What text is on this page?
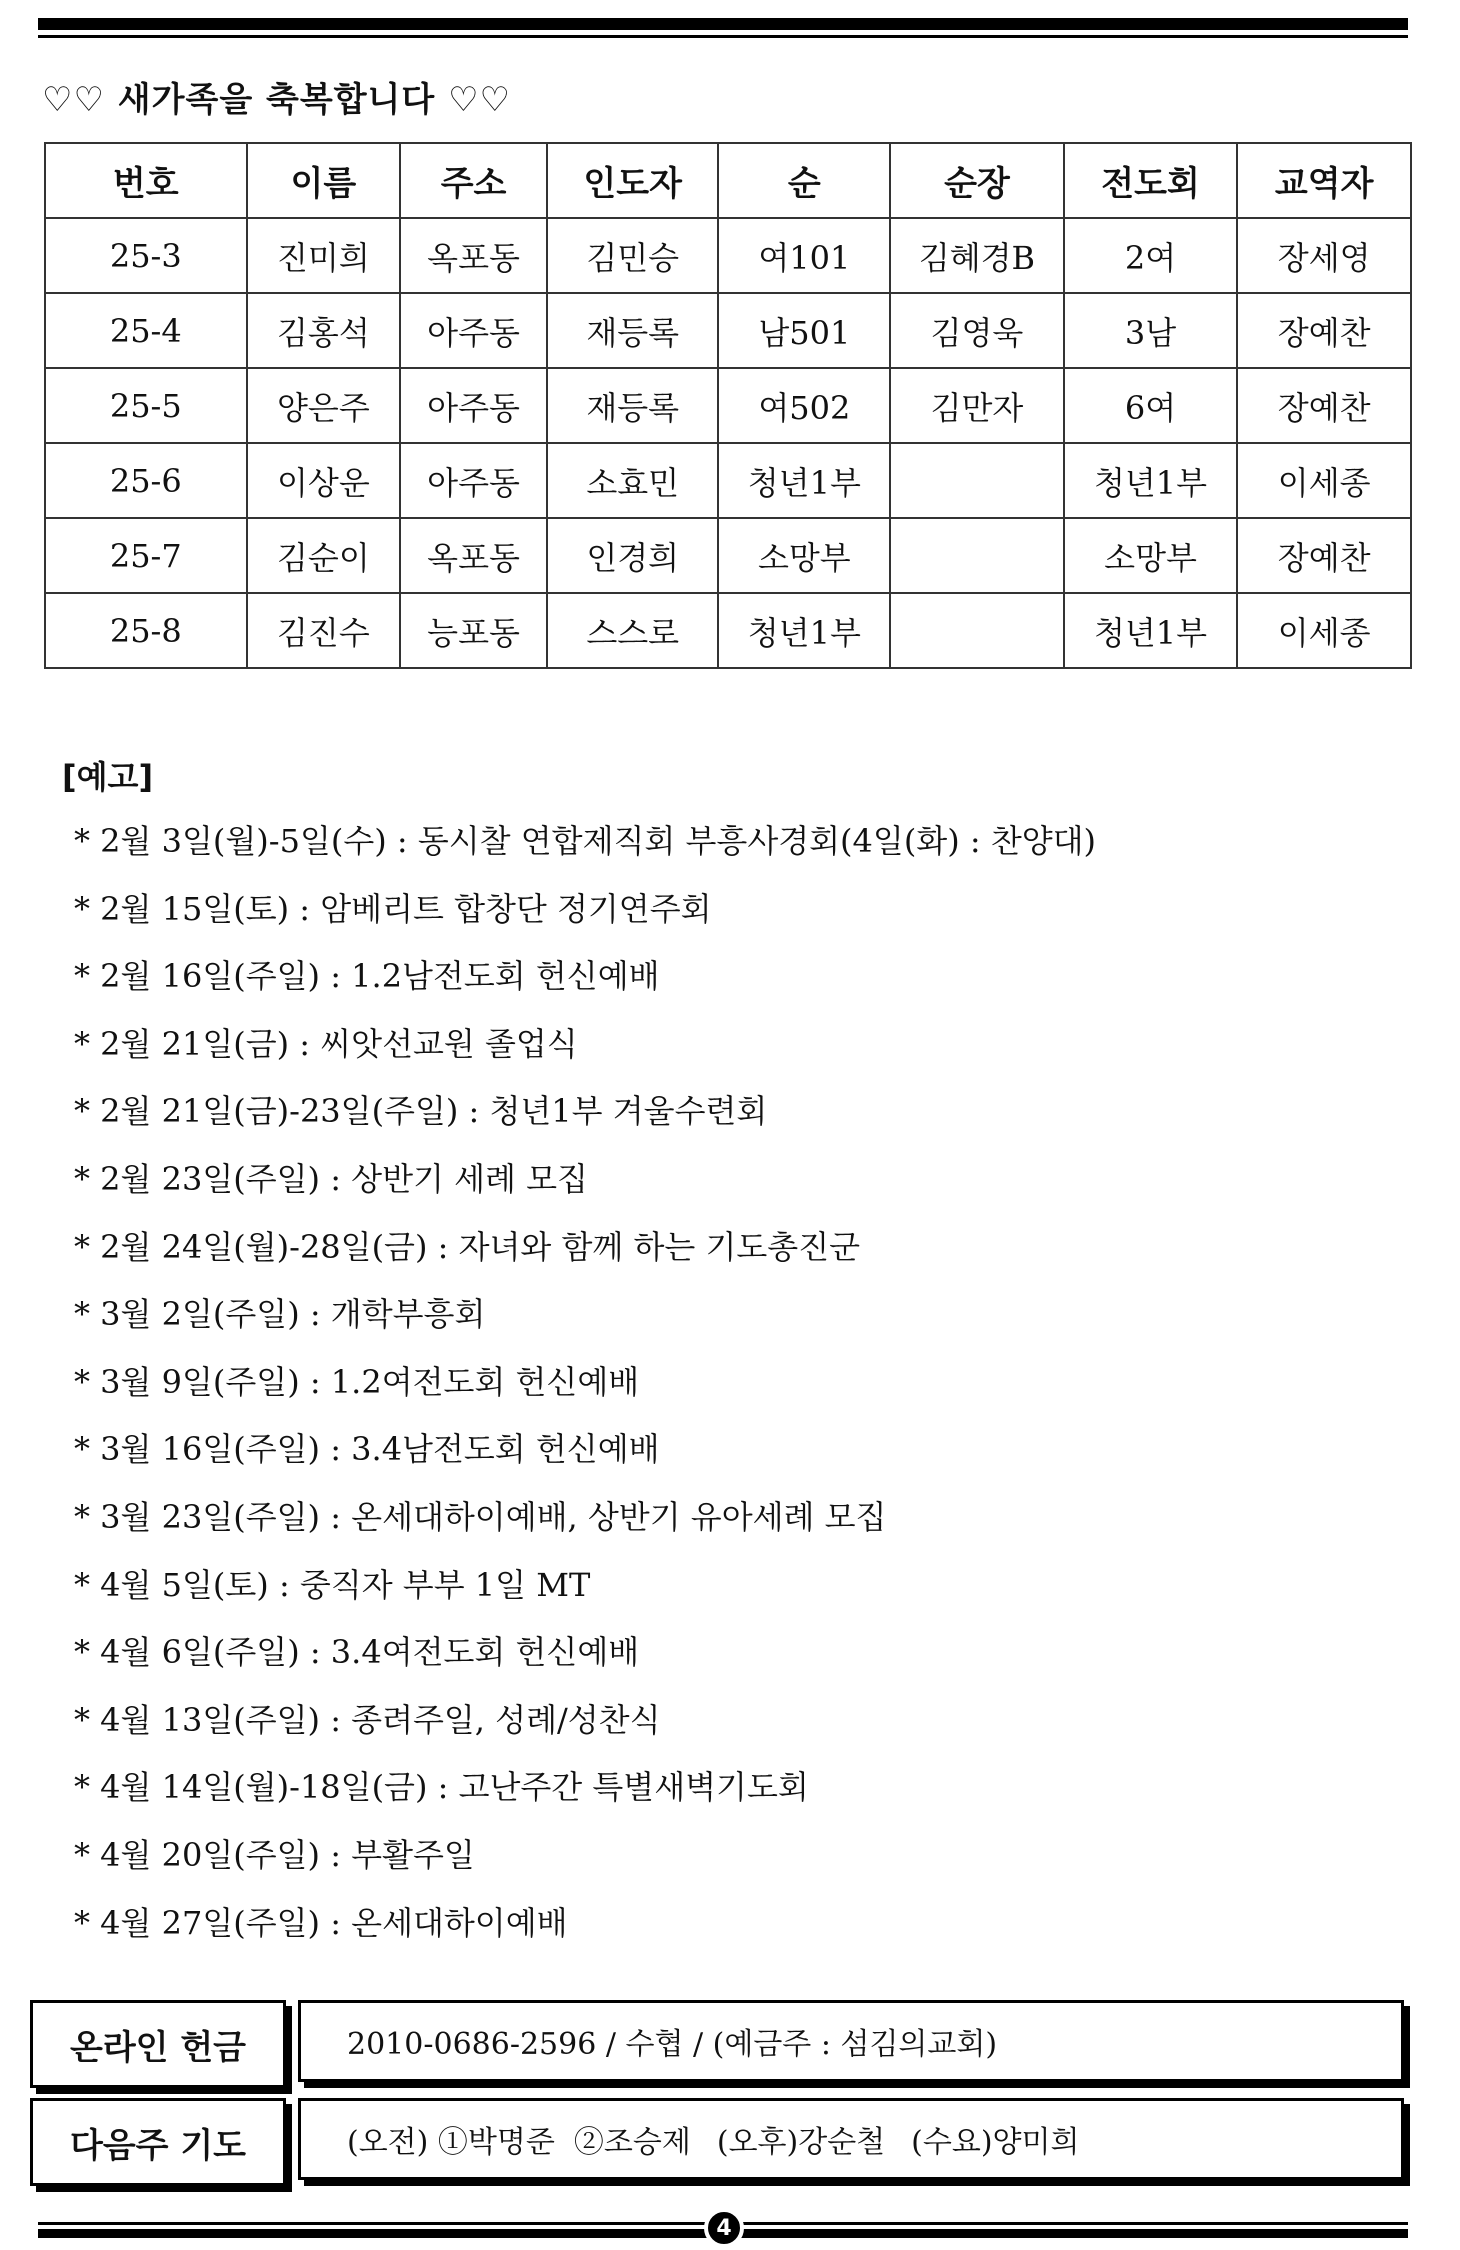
♡♡ 새가족을 축복합니다 ♡♡
번호	이름	주소	인도자	순	순장	전도회	교역자
25-3	진미희	옥포동	김민승	여101	김혜경B	2여	장세영
25-4	김홍석	아주동	재등록	남501	김영욱	3남	장예찬
25-5	양은주	아주동	재등록	여502	김만자	6여	장예찬
25-6	이상운	아주동	소효민	청년1부		청년1부	이세종
25-7	김순이	옥포동	인경희	소망부		소망부	장예찬
25-8	김진수	능포동	스스로	청년1부		청년1부	이세종
[예고]
* 2월 3일(월)-5일(수) : 동시찰 연합제직회 부흥사경회(4일(화) : 찬양대)
* 2월 15일(토) : 암베리트 합창단 정기연주회
* 2월 16일(주일) : 1.2남전도회 헌신예배
* 2월 21일(금) : 씨앗선교원 졸업식
* 2월 21일(금)-23일(주일) : 청년1부 겨울수련회
* 2월 23일(주일) : 상반기 세례 모집
* 2월 24일(월)-28일(금) : 자녀와 함께 하는 기도총진군
* 3월 2일(주일) : 개학부흥회
* 3월 9일(주일) : 1.2여전도회 헌신예배
* 3월 16일(주일) : 3.4남전도회 헌신예배
* 3월 23일(주일) : 온세대하이예배, 상반기 유아세례 모집
* 4월 5일(토) : 중직자 부부 1일 MT
* 4월 6일(주일) : 3.4여전도회 헌신예배
* 4월 13일(주일) : 종려주일, 성례/성찬식
* 4월 14일(월)-18일(금) : 고난주간 특별새벽기도회
* 4월 20일(주일) : 부활주일
* 4월 27일(주일) : 온세대하이예배
온라인 헌금	2010-0686-2596 / 수협 / (예금주 : 섬김의교회)
다음주 기도	(오전) ①박명준  ②조승제 (오후)강순철 (수요)양미희
4
